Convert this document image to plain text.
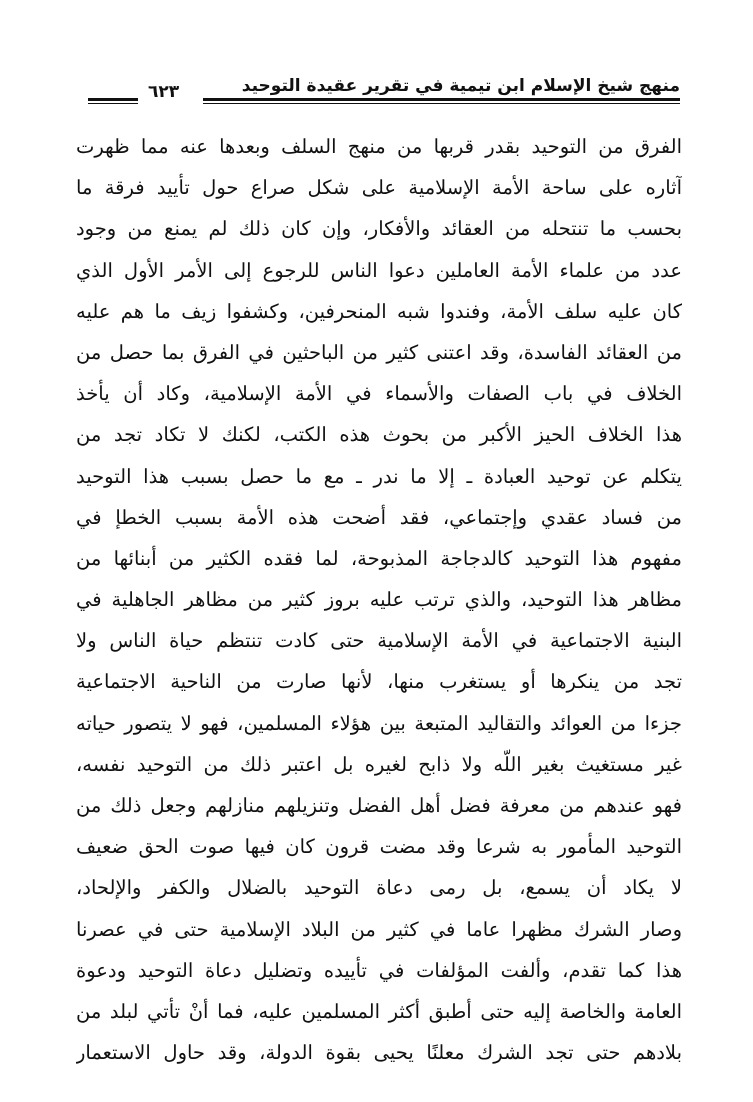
منهج شيخ الإسلام ابن تيمية في تقرير عقيدة التوحيد
٦٢٣
الفرق من التوحيد بقدر قربها من منهج السلف وبعدها عنه مما ظهرت
آثاره على ساحة الأمة الإسلامية على شكل صراع حول تأييد فرقة ما
بحسب ما تنتحله من العقائد والأفكار، وإن كان ذلك لم يمنع من وجود
عدد من علماء الأمة العاملين دعوا الناس للرجوع إلى الأمر الأول الذي
كان عليه سلف الأمة، وفندوا شبه المنحرفين، وكشفوا زيف ما هم عليه
من العقائد الفاسدة، وقد اعتنى كثير من الباحثين في الفرق بما حصل من
الخلاف في باب الصفات والأسماء في الأمة الإسلامية، وكاد أن يأخذ
هذا الخلاف الحيز الأكبر من بحوث هذه الكتب، لكنك لا تكاد تجد من
يتكلم عن توحيد العبادة ـ إلا ما ندر ـ مع ما حصل بسبب هذا التوحيد
من فساد عقدي وإجتماعي، فقد أضحت هذه الأمة بسبب الخطإ في
مفهوم هذا التوحيد كالدجاجة المذبوحة، لما فقده الكثير من أبنائها من
مظاهر هذا التوحيد، والذي ترتب عليه بروز كثير من مظاهر الجاهلية في
البنية الاجتماعية في الأمة الإسلامية حتى كادت تنتظم حياة الناس ولا
تجد من ينكرها أو يستغرب منها، لأنها صارت من الناحية الاجتماعية
جزءا من العوائد والتقاليد المتبعة بين هؤلاء المسلمين، فهو لا يتصور حياته
غير مستغيث بغير اللّه ولا ذابح لغيره بل اعتبر ذلك من التوحيد نفسه،
فهو عندهم من معرفة فضل أهل الفضل وتنزيلهم منازلهم وجعل ذلك من
التوحيد المأمور به شرعا وقد مضت قرون كان فيها صوت الحق ضعيف
لا يكاد أن يسمع، بل رمى دعاة التوحيد بالضلال والكفر والإلحاد،
وصار الشرك مظهرا عاما في كثير من البلاد الإسلامية حتى في عصرنا
هذا كما تقدم، وألفت المؤلفات في تأييده وتضليل دعاة التوحيد ودعوة
العامة والخاصة إليه حتى أطبق أكثر المسلمين عليه، فما أنْ تأتي لبلد من
بلادهم حتى تجد الشرك معلنًا يحيى بقوة الدولة، وقد حاول الاستعمار
